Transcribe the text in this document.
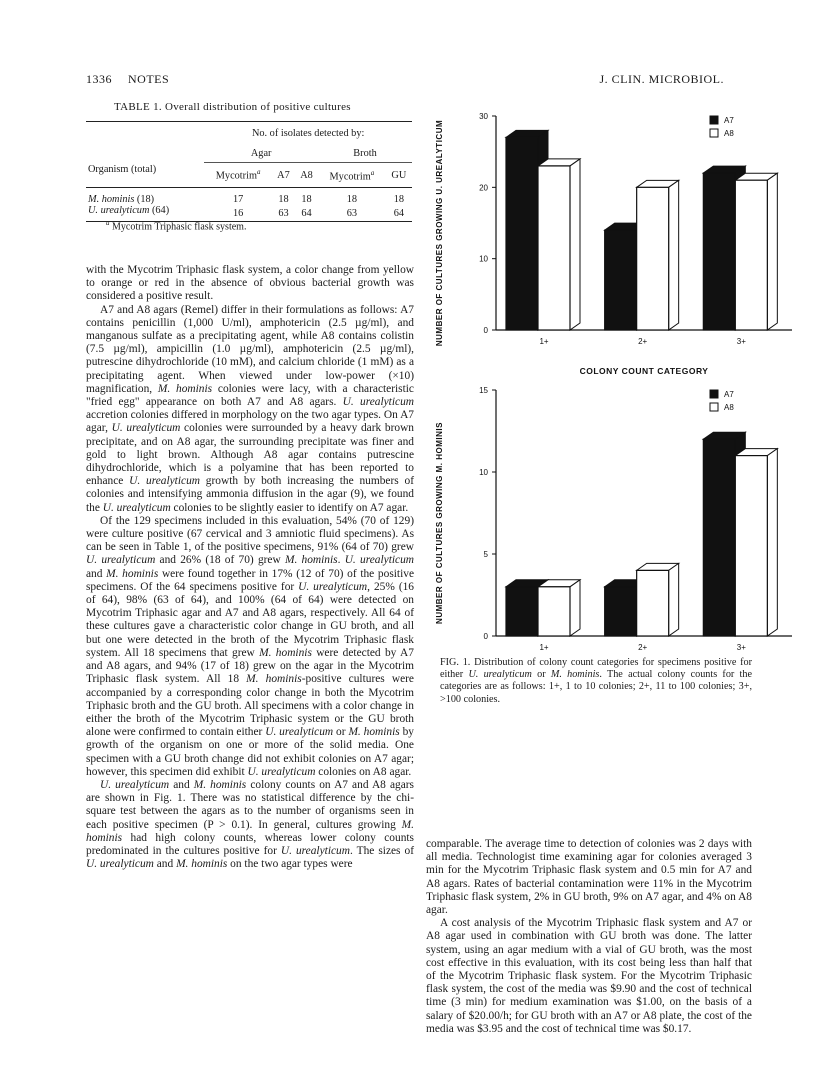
1336 NOTES	J. CLIN. MICROBIOL.
TABLE 1. Overall distribution of positive cultures

	No. of isolates detected by:				
Organism (total)	Agar			Broth	
	Mycotrim$^a$	A7	A8	Mycotrim$^a$	GU
M. hominis (18)	17	18	18	18	18
U. urealyticum (64)	16	63	64	63	64
$^a$ Mycotrim Triphasic flask system.

with the Mycotrim Triphasic flask system, a color change from yellow to orange or red in the absence of obvious bacterial growth was considered a positive result.

A7 and A8 agars (Remel) differ in their formulations as follows: A7 contains penicillin (1,000 U/ml), amphotericin (2.5 µg/ml), and manganous sulfate as a precipitating agent, while A8 contains colistin (7.5 µg/ml), ampicillin (1.0 µg/ml), amphotericin (2.5 µg/ml), putrescine dihydrochloride (10 mM), and calcium chloride (1 mM) as a precipitating agent. When viewed under low-power (×10) magnification, M. hominis colonies were lacy, with a characteristic "fried egg" appearance on both A7 and A8 agars. U. urealyticum accretion colonies differed in morphology on the two agar types. On A7 agar, U. urealyticum colonies were surrounded by a heavy dark brown precipitate, and on A8 agar, the surrounding precipitate was finer and gold to light brown. Although A8 agar contains putrescine dihydrochloride, which is a polyamine that has been reported to enhance U. urealyticum growth by both increasing the numbers of colonies and intensifying ammonia diffusion in the agar (9), we found the U. urealyticum colonies to be slightly easier to identify on A7 agar.

Of the 129 specimens included in this evaluation, 54% (70 of 129) were culture positive (67 cervical and 3 amniotic fluid specimens). As can be seen in Table 1, of the positive specimens, 91% (64 of 70) grew U. urealyticum and 26% (18 of 70) grew M. hominis. U. urealyticum and M. hominis were found together in 17% (12 of 70) of the positive specimens. Of the 64 specimens positive for U. urealyticum, 25% (16 of 64), 98% (63 of 64), and 100% (64 of 64) were detected on Mycotrim Triphasic agar and A7 and A8 agars, respectively. All 64 of these cultures gave a characteristic color change in GU broth, and all but one were detected in the broth of the Mycotrim Triphasic flask system. All 18 specimens that grew M. hominis were detected by A7 and A8 agars, and 94% (17 of 18) grew on the agar in the Mycotrim Triphasic flask system. All 18 M. hominis-positive cultures were accompanied by a corresponding color change in both the Mycotrim Triphasic broth and the GU broth. All specimens with a color change in either the broth of the Mycotrim Triphasic system or the GU broth alone were confirmed to contain either U. urealyticum or M. hominis by growth of the organism on one or more of the solid media. One specimen with a GU broth change did not exhibit colonies on A7 agar; however, this specimen did exhibit U. urealyticum colonies on A8 agar.

U. urealyticum and M. hominis colony counts on A7 and A8 agars are shown in Fig. 1. There was no statistical difference by the chi-square test between the agars as to the number of organisms seen in each positive specimen (P > 0.1). In general, cultures growing M. hominis had high colony counts, whereas lower colony counts predominated in the cultures positive for U. urealyticum. The sizes of U. urealyticum and M. hominis on the two agar types were

0
10
20
30
1+	2+	3+
COLONY COUNT CATEGORY
NUMBER OF CULTURES GROWING U. UREALYTICUM	A7
A8
0
5
10
15
1+	2+	3+
NUMBER OF CULTURES GROWING M. HOMINIS
A7
A8
FIG. 1. Distribution of colony count categories for specimens positive for either U. urealyticum or M. hominis. The actual colony counts for the categories are as follows: 1+, 1 to 10 colonies; 2+, 11 to 100 colonies; 3+, >100 colonies.

comparable. The average time to detection of colonies was 2 days with all media. Technologist time examining agar for colonies averaged 3 min for the Mycotrim Triphasic flask system and 0.5 min for A7 and A8 agars. Rates of bacterial contamination were 11% in the Mycotrim Triphasic flask system, 2% in GU broth, 9% on A7 agar, and 4% on A8 agar.

A cost analysis of the Mycotrim Triphasic flask system and A7 or A8 agar used in combination with GU broth was done. The latter system, using an agar medium with a vial of GU broth, was the most cost effective in this evaluation, with its cost being less than half that of the Mycotrim Triphasic flask system. For the Mycotrim Triphasic flask system, the cost of the media was $9.90 and the cost of technical time (3 min) for medium examination was $1.00, on the basis of a salary of $20.00/h; for GU broth with an A7 or A8 plate, the cost of the media was $3.95 and the cost of technical time was $0.17.
